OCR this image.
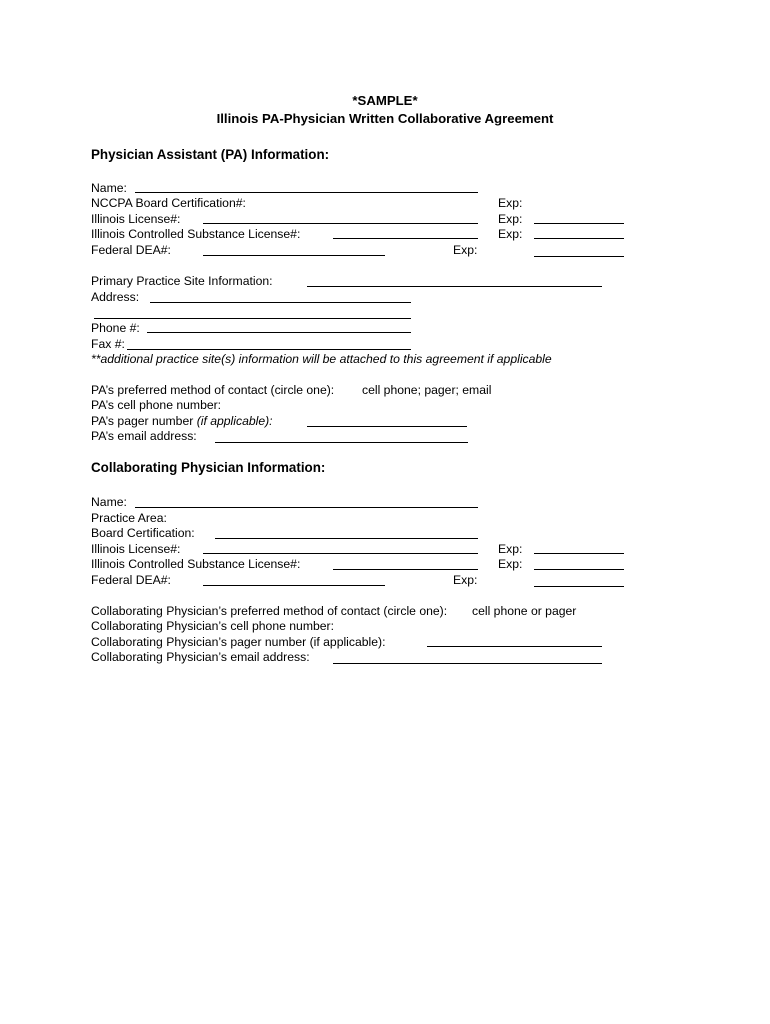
*SAMPLE*
Illinois PA-Physician Written Collaborative Agreement
Physician Assistant (PA) Information:
Name:
NCCPA Board Certification#:	Exp:
Illinois License#:	Exp:
Illinois Controlled Substance License#:	Exp:
Federal DEA#:	Exp:
Primary Practice Site Information:
Address:
Phone #:
Fax #:
**additional practice site(s) information will be attached to this agreement if applicable
PA’s preferred method of contact (circle one): cell phone; pager; email
PA’s cell phone number:
PA’s pager number (if applicable):
PA’s email address:
Collaborating Physician Information:
Name:
Practice Area:
Board Certification:
Illinois License#:	Exp:
Illinois Controlled Substance License#:	Exp:
Federal DEA#:	Exp:
Collaborating Physician’s preferred method of contact (circle one): cell phone or pager
Collaborating Physician’s cell phone number:
Collaborating Physician’s pager number (if applicable):
Collaborating Physician’s email address:
